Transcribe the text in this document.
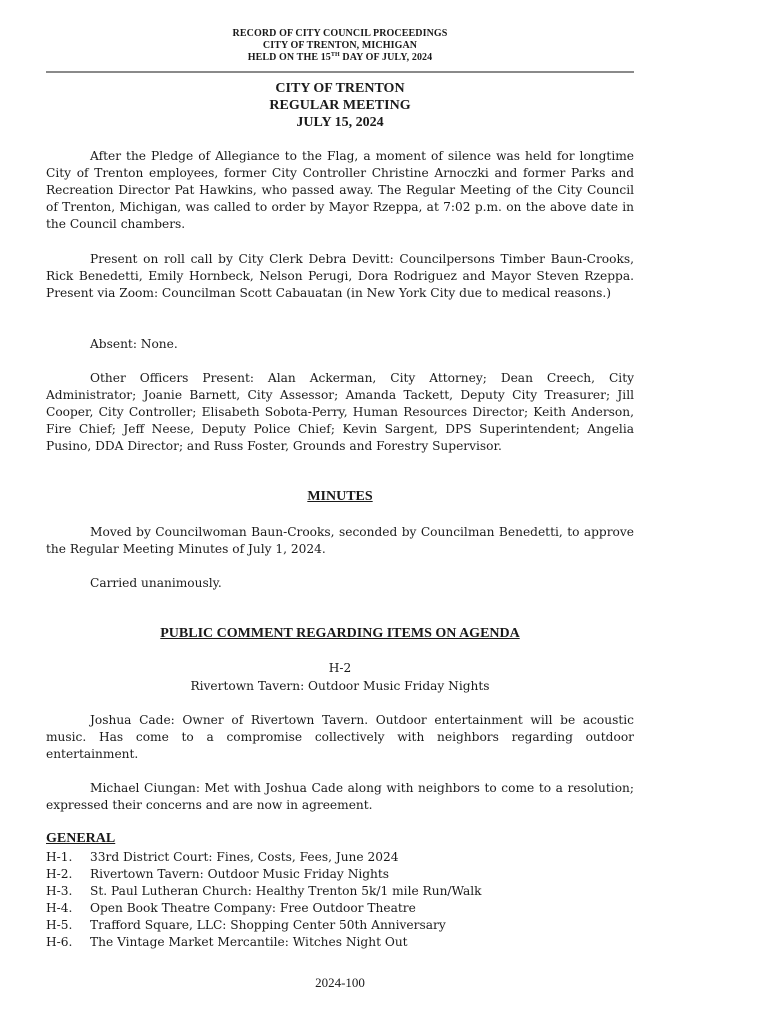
RECORD OF CITY COUNCIL PROCEEDINGS
CITY OF TRENTON, MICHIGAN
HELD ON THE 15TH DAY OF JULY, 2024
CITY OF TRENTON
REGULAR MEETING
JULY 15, 2024
After the Pledge of Allegiance to the Flag, a moment of silence was held for longtime City of Trenton employees, former City Controller Christine Arnoczki and former Parks and Recreation Director Pat Hawkins, who passed away. The Regular Meeting of the City Council of Trenton, Michigan, was called to order by Mayor Rzeppa, at 7:02 p.m. on the above date in the Council chambers.
Present on roll call by City Clerk Debra Devitt: Councilpersons Timber Baun-Crooks, Rick Benedetti, Emily Hornbeck, Nelson Perugi, Dora Rodriguez and Mayor Steven Rzeppa. Present via Zoom: Councilman Scott Cabauatan (in New York City due to medical reasons.)
Absent: None.
Other Officers Present: Alan Ackerman, City Attorney; Dean Creech, City Administrator; Joanie Barnett, City Assessor; Amanda Tackett, Deputy City Treasurer; Jill Cooper, City Controller; Elisabeth Sobota-Perry, Human Resources Director; Keith Anderson, Fire Chief; Jeff Neese, Deputy Police Chief; Kevin Sargent, DPS Superintendent; Angelia Pusino, DDA Director; and Russ Foster, Grounds and Forestry Supervisor.
MINUTES
Moved by Councilwoman Baun-Crooks, seconded by Councilman Benedetti, to approve the Regular Meeting Minutes of July 1, 2024.
Carried unanimously.
PUBLIC COMMENT REGARDING ITEMS ON AGENDA
H-2
Rivertown Tavern: Outdoor Music Friday Nights
Joshua Cade: Owner of Rivertown Tavern. Outdoor entertainment will be acoustic music. Has come to a compromise collectively with neighbors regarding outdoor entertainment.
Michael Ciungan: Met with Joshua Cade along with neighbors to come to a resolution; expressed their concerns and are now in agreement.
GENERAL
H-1. 33rd District Court: Fines, Costs, Fees, June 2024
H-2. Rivertown Tavern: Outdoor Music Friday Nights
H-3. St. Paul Lutheran Church: Healthy Trenton 5k/1 mile Run/Walk
H-4. Open Book Theatre Company: Free Outdoor Theatre
H-5. Trafford Square, LLC: Shopping Center 50th Anniversary
H-6. The Vintage Market Mercantile: Witches Night Out
2024-100
